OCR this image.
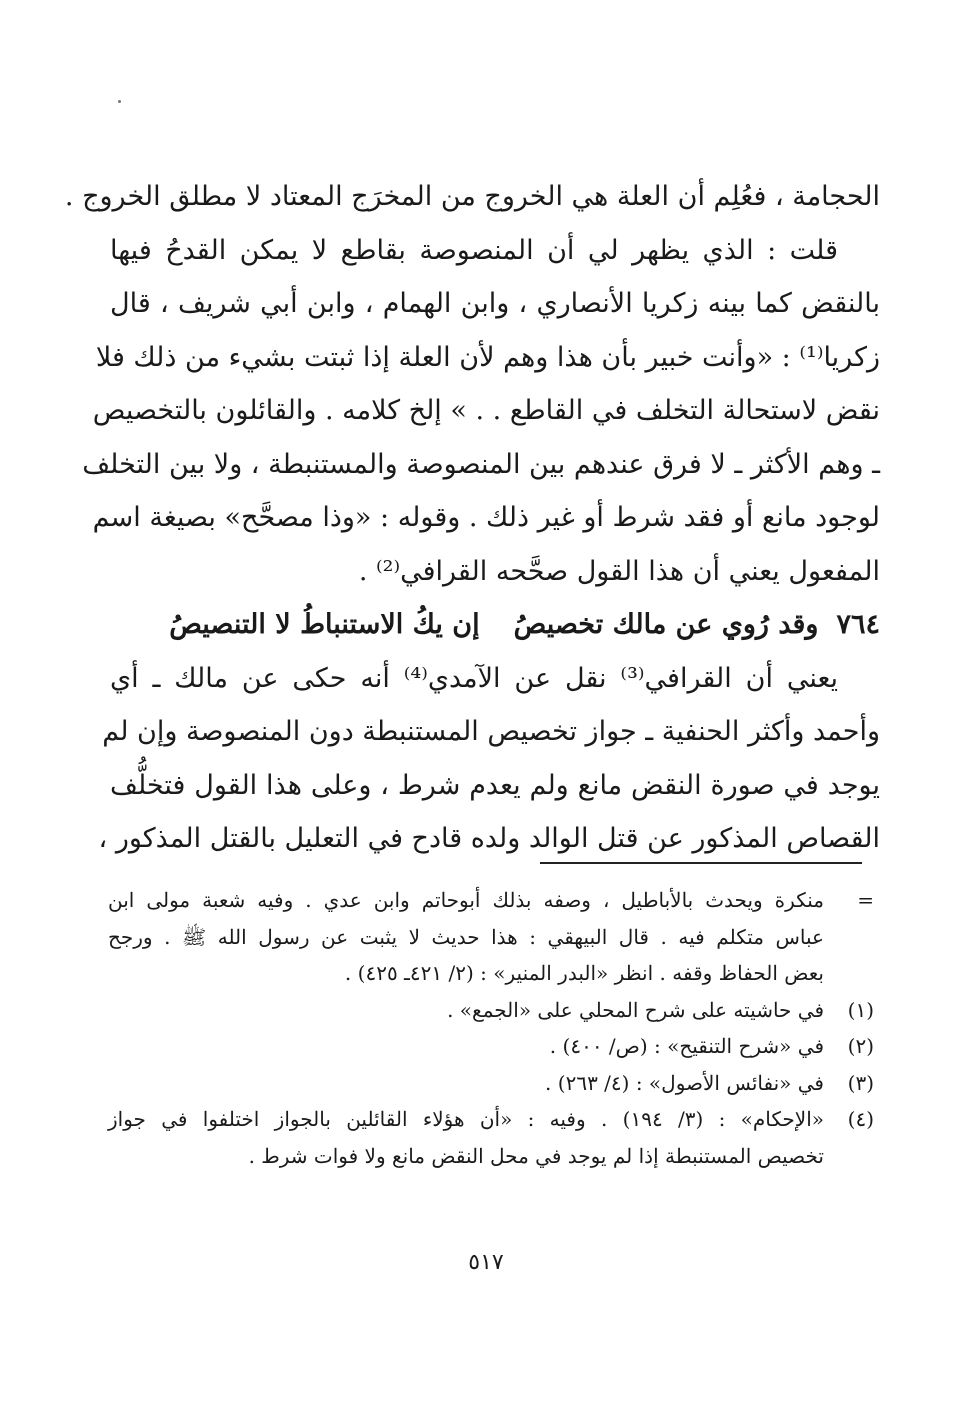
الحجامة ، فعُلِم أن العلة هي الخروج من المخرَج المعتاد لا مطلق الخروج .
قلت : الذي يظهر لي أن المنصوصة بقاطع لا يمكن القدحُ فيها
بالنقض كما بينه زكريا الأنصاري ، وابن الهمام ، وابن أبي شريف ، قال
زكريا⁽¹⁾ : «وأنت خبير بأن هذا وهم لأن العلة إذا ثبتت بشيء من ذلك فلا
نقض لاستحالة التخلف في القاطع . . » إلخ كلامه . والقائلون بالتخصيص
ـ وهم الأكثر ـ لا فرق عندهم بين المنصوصة والمستنبطة ، ولا بين التخلف
لوجود مانع أو فقد شرط أو غير ذلك . وقوله : «وذا مصحَّح» بصيغة اسم
المفعول يعني أن هذا القول صحَّحه القرافي⁽²⁾ .
٧٦٤
وقد رُوي عن مالك تخصيصُ
إن يكُ الاستنباطُ لا التنصيصُ
يعني أن القرافي⁽³⁾ نقل عن الآمدي⁽⁴⁾ أنه حكى عن مالك ـ أي
وأحمد وأكثر الحنفية ـ جواز تخصيص المستنبطة دون المنصوصة وإن لم
يوجد في صورة النقض مانع ولم يعدم شرط ، وعلى هذا القول فتخلُّف
القصاص المذكور عن قتل الوالد ولده قادح في التعليل بالقتل المذكور ،
=
منكرة ويحدث بالأباطيل ، وصفه بذلك أبوحاتم وابن عدي . وفيه شعبة مولى ابن
عباس متكلم فيه . قال البيهقي : هذا حديث لا يثبت عن رسول الله ﷺ . ورجح
بعض الحفاظ وقفه . انظر «البدر المنير» : (٢/ ٤٢١ـ ٤٢٥) .
(١)
في حاشيته على شرح المحلي على «الجمع» .
(٢)
في «شرح التنقيح» : (ص/ ٤٠٠) .
(٣)
في «نفائس الأصول» : (٤/ ٢٦٣) .
(٤)
«الإحكام» : (٣/ ١٩٤) . وفيه : «أن هؤلاء القائلين بالجواز اختلفوا في جواز
تخصيص المستنبطة إذا لم يوجد في محل النقض مانع ولا فوات شرط .
٥١٧
